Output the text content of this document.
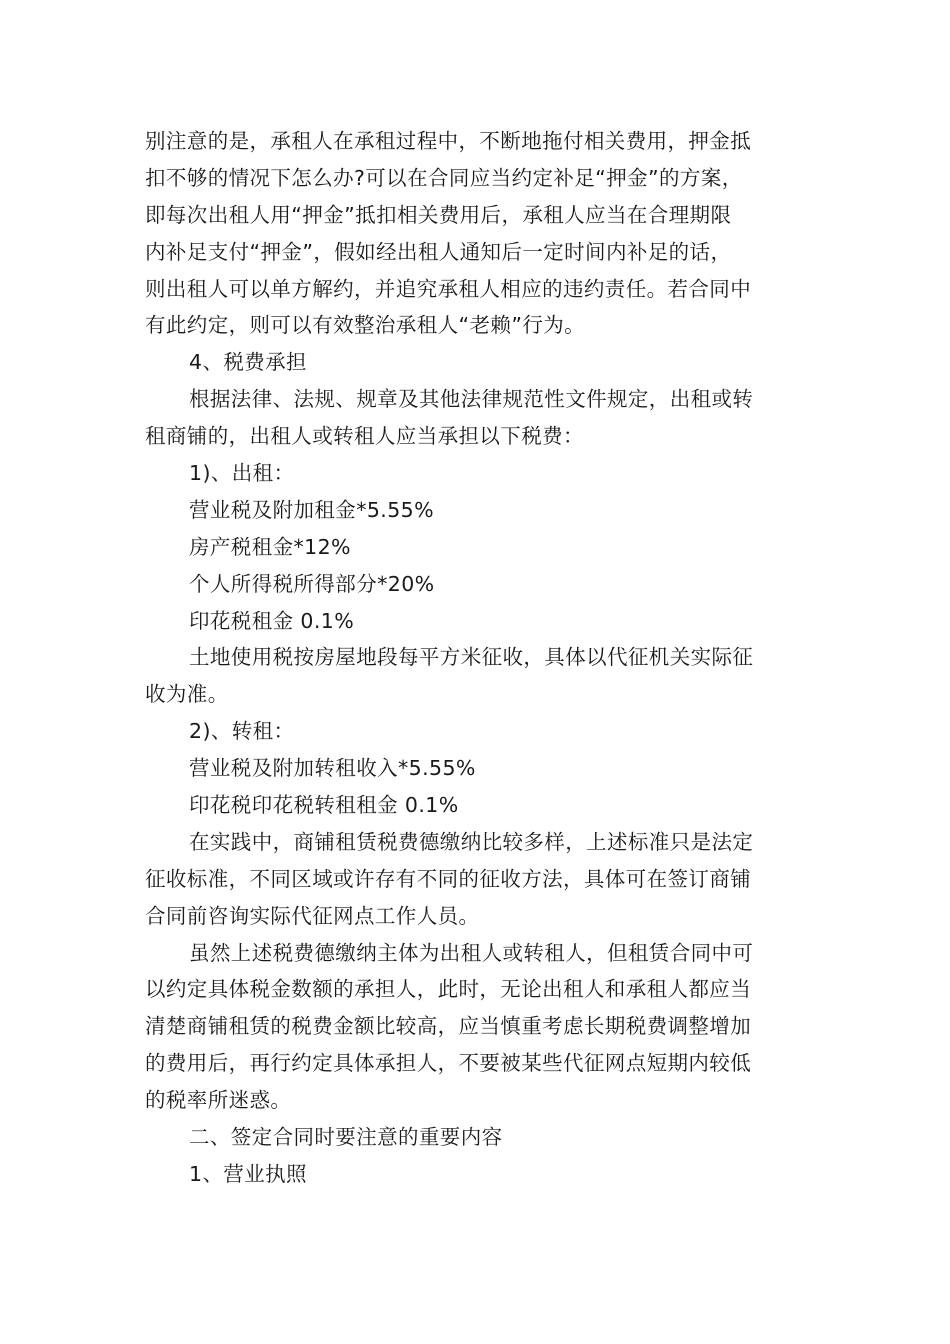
别注意的是，承租人在承租过程中，不断地拖付相关费用，押金抵
扣不够的情况下怎么办?可以在合同应当约定补足“押金”的方案，
即每次出租人用“押金”抵扣相关费用后，承租人应当在合理期限
内补足支付“押金”，假如经出租人通知后一定时间内补足的话，
则出租人可以单方解约，并追究承租人相应的违约责任。若合同中
有此约定，则可以有效整治承租人“老赖”行为。
4、税费承担
根据法律、法规、规章及其他法律规范性文件规定，出租或转
租商铺的，出租人或转租人应当承担以下税费：
1)、出租：
营业税及附加租金*5.55%
房产税租金*12%
个人所得税所得部分*20%
印花税租金 0.1%
土地使用税按房屋地段每平方米征收，具体以代征机关实际征
收为准。
2)、转租：
营业税及附加转租收入*5.55%
印花税印花税转租租金 0.1%
在实践中，商铺租赁税费德缴纳比较多样，上述标准只是法定
征收标准，不同区域或许存有不同的征收方法，具体可在签订商铺
合同前咨询实际代征网点工作人员。
虽然上述税费德缴纳主体为出租人或转租人，但租赁合同中可
以约定具体税金数额的承担人，此时，无论出租人和承租人都应当
清楚商铺租赁的税费金额比较高，应当慎重考虑长期税费调整增加
的费用后，再行约定具体承担人，不要被某些代征网点短期内较低
的税率所迷惑。
二、签定合同时要注意的重要内容
1、营业执照
